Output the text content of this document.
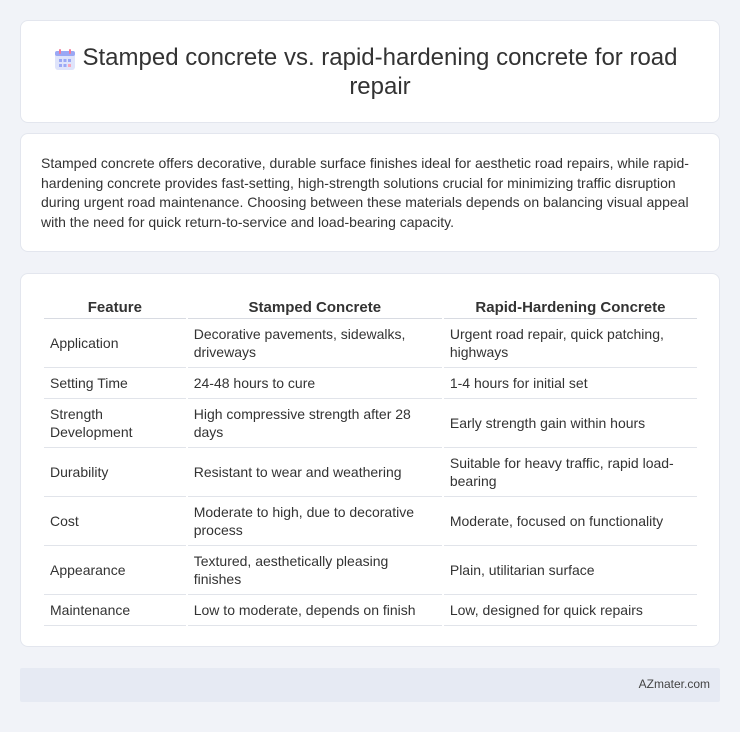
Stamped concrete vs. rapid-hardening concrete for road repair

Stamped concrete offers decorative, durable surface finishes ideal for aesthetic road repairs, while rapid-hardening concrete provides fast-setting, high-strength solutions crucial for minimizing traffic disruption during urgent road maintenance. Choosing between these materials depends on balancing visual appeal with the need for quick return-to-service and load-bearing capacity.

Feature	Stamped Concrete	Rapid-Hardening Concrete
Application	Decorative pavements, sidewalks, driveways	Urgent road repair, quick patching, highways
Setting Time	24-48 hours to cure	1-4 hours for initial set
Strength Development	High compressive strength after 28 days	Early strength gain within hours
Durability	Resistant to wear and weathering	Suitable for heavy traffic, rapid load-bearing
Cost	Moderate to high, due to decorative process	Moderate, focused on functionality
Appearance	Textured, aesthetically pleasing finishes	Plain, utilitarian surface
Maintenance	Low to moderate, depends on finish	Low, designed for quick repairs
AZmater.com
